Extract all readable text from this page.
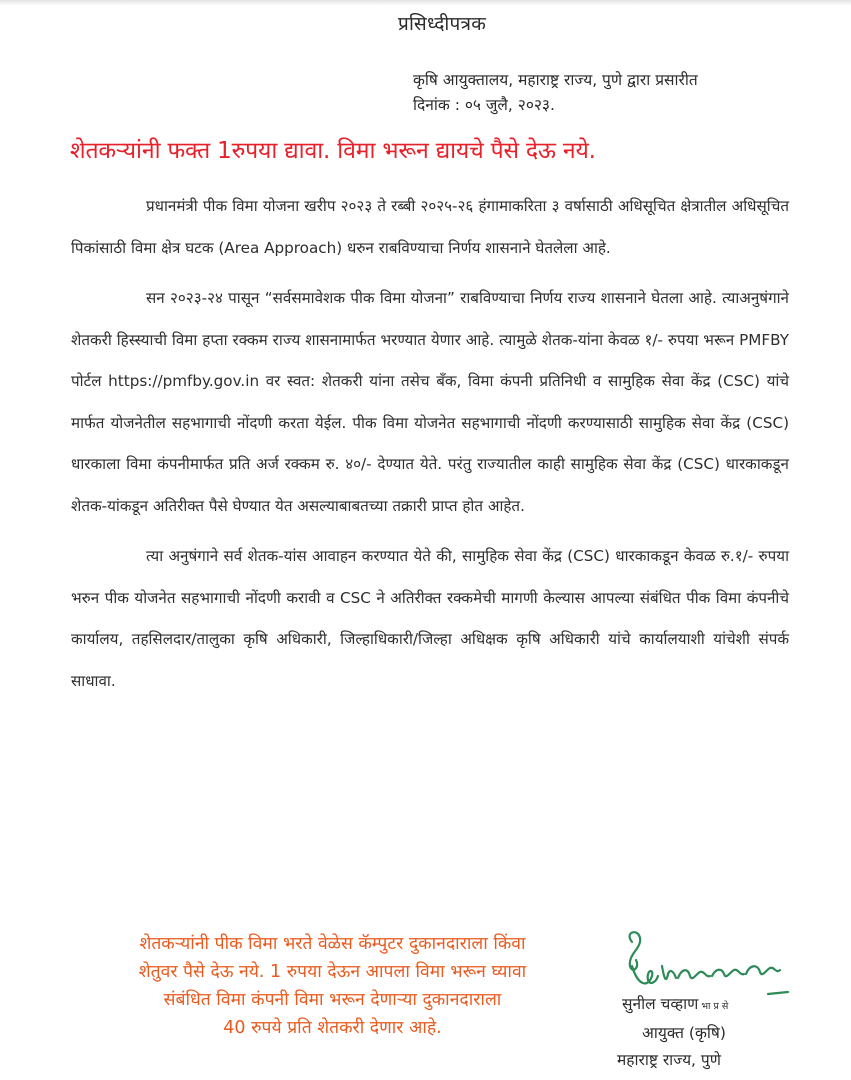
प्रसिध्दीपत्रक
कृषि आयुक्तालय, महाराष्ट्र राज्य, पुणे द्वारा प्रसारीत
दिनांक : ०५ जुलै, २०२३.
शेतकऱ्यांनी फक्त 1रुपया द्यावा. विमा भरून द्यायचे पैसे देऊ नये.

प्रधानमंत्री पीक विमा योजना खरीप २०२३ ते रब्बी २०२५-२६ हंगामाकरिता ३ वर्षासाठी अधिसूचित क्षेत्रातील अधिसूचित पिकांसाठी विमा क्षेत्र घटक (Area Approach) धरुन राबविण्याचा निर्णय शासनाने घेतलेला आहे.

सन २०२३-२४ पासून “सर्वसमावेशक पीक विमा योजना” राबविण्याचा निर्णय राज्य शासनाने घेतला आहे. त्याअनुषंगाने शेतकरी हिस्स्याची विमा हप्ता रक्कम राज्य शासनामार्फत भरण्यात येणार आहे. त्यामुळे शेतक-यांना केवळ १/- रुपया भरून PMFBY पोर्टल https://pmfby.gov.in वर स्वत: शेतकरी यांना तसेच बँक, विमा कंपनी प्रतिनिधी व सामुहिक सेवा केंद्र (CSC) यांचे मार्फत योजनेतील सहभागाची नोंदणी करता येईल. पीक विमा योजनेत सहभागाची नोंदणी करण्यासाठी सामुहिक सेवा केंद्र (CSC) धारकाला विमा कंपनीमार्फत प्रति अर्ज रक्कम रु. ४०/- देण्यात येते. परंतु राज्यातील काही सामुहिक सेवा केंद्र (CSC) धारकाकडून शेतक-यांकडून अतिरीक्त पैसे घेण्यात येत असल्याबाबतच्या तक्रारी प्राप्त होत आहेत.

त्या अनुषंगाने सर्व शेतक-यांस आवाहन करण्यात येते की, सामुहिक सेवा केंद्र (CSC) धारकाकडून केवळ रु.१/- रुपया भरुन पीक योजनेत सहभागाची नोंदणी करावी व CSC ने अतिरीक्त रक्कमेची मागणी केल्यास आपल्या संबंधित पीक विमा कंपनीचे कार्यालय, तहसिलदार/तालुका कृषि अधिकारी, जिल्हाधिकारी/जिल्हा अधिक्षक कृषि अधिकारी यांचे कार्यालयाशी यांचेशी संपर्क साधावा.

शेतकऱ्यांनी पीक विमा भरते वेळेस कॅम्पुटर दुकानदाराला किंवा
शेतुवर पैसे देऊ नये. 1 रुपया देऊन आपला विमा भरून घ्यावा
संबंधित विमा कंपनी विमा भरून देणाऱ्या दुकानदाराला
40 रुपये प्रति शेतकरी देणार आहे.
सुनील चव्हाण भा प्र से
आयुक्त (कृषि)
महाराष्ट्र राज्य, पुणे
